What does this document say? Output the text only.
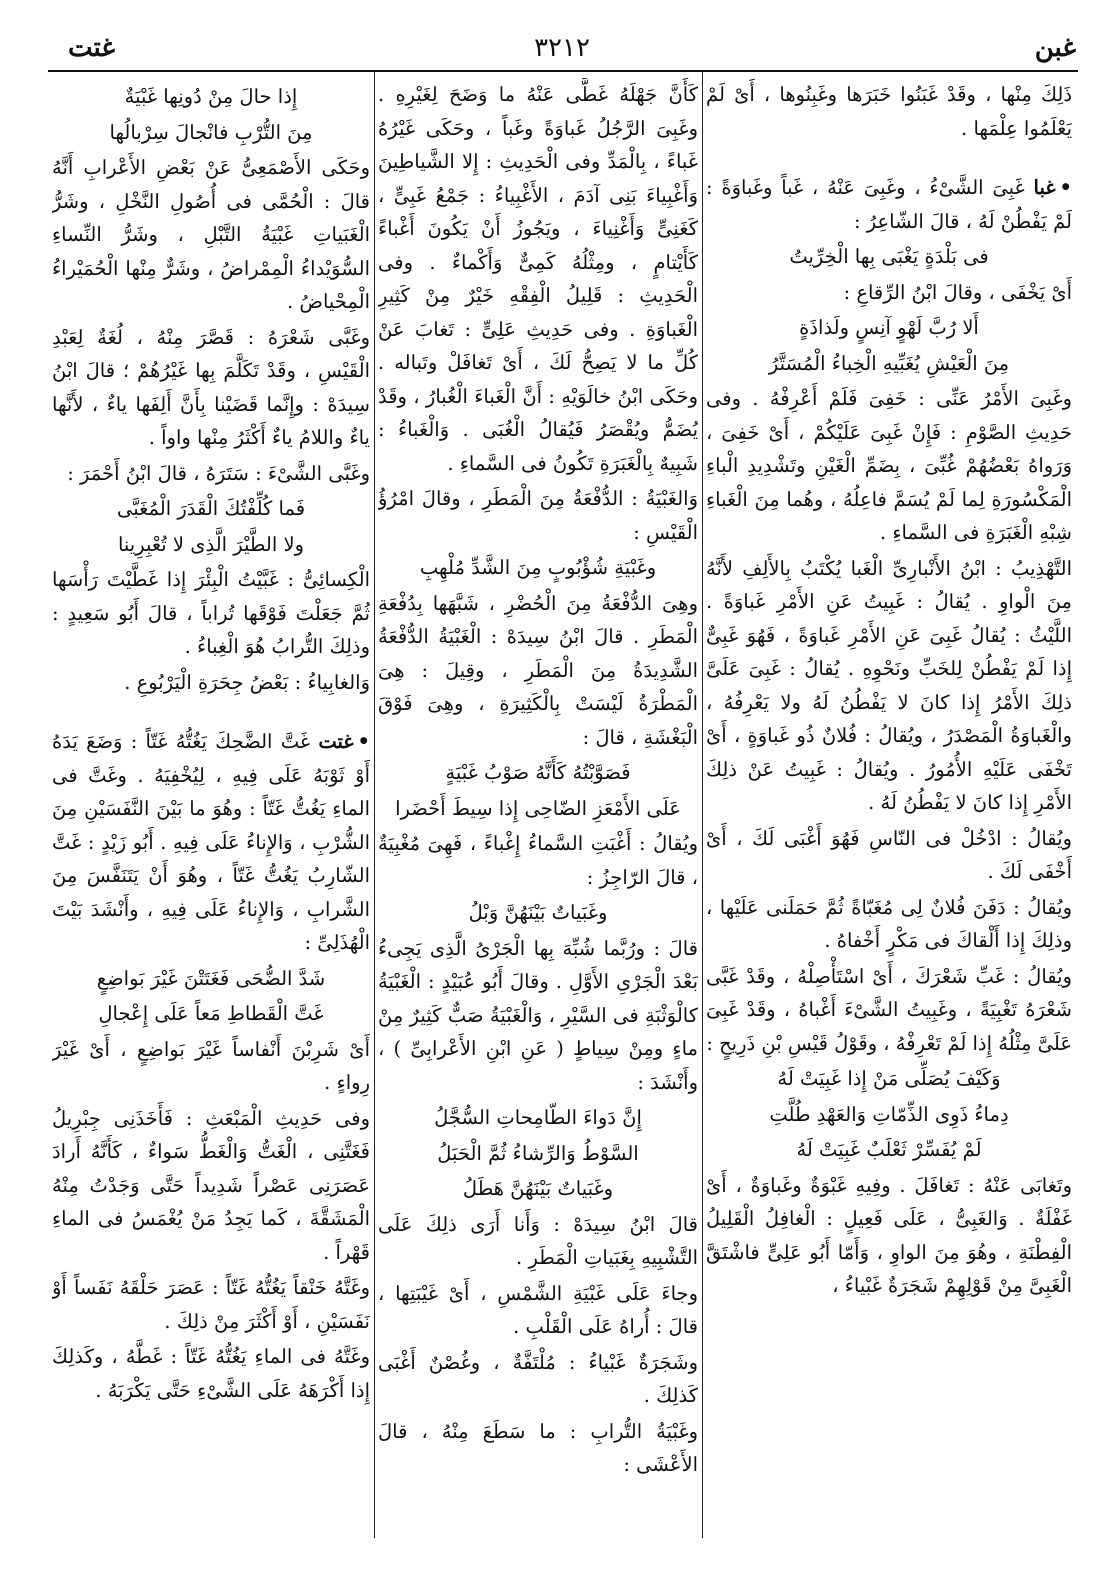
غتت	٣٢١٢	غبن

ذَلِكَ مِنْها ، وقَدْ غَبَنُوا خَبَرَها وغَبِنُوها ، أَىْ لَمْ يَعْلَمُوا عِلْمَها .

•غبا غَبِىَ الشَّىْءُ ، وغَبِىَ عَنْهُ ، غَباً وغَباوَةً : لَمْ يَفْطُنْ لَهُ ، قالَ الشّاعِرُ :

فى بَلْدَةٍ يَغْبَى بِها الْخِرِّيتُ

أَىْ يَخْفَى ، وقالَ ابْنُ الرِّقاعِ :

أَلا رُبَّ لَهْوٍ آنِسٍ ولَذاذَةٍ

مِنَ الْعَيْشِ يُغَبِّيهِ الْخِباءُ الْمُسَتَّرُ

وغَبِىَ الأَمْرُ عَنِّى : خَفِىَ فَلَمْ أَعْرِفْهُ . وفى حَدِيثِ الصَّوْمِ : فَإِنْ غَبِىَ عَلَيْكُمْ ، أَىْ خَفِىَ ، وَرَواهُ بَعْضُهُمْ غُبِّىَ ، بِضَمِّ الْغَيْنِ وتَشْدِيدِ الْباءِ الْمَكْسُورَةِ لِما لَمْ يُسَمَّ فاعِلُهُ ، وهُما مِنَ الْغَباءِ شِبْهِ الْغَبَرَةِ فى السَّماءِ .

التَّهْذِيبُ : ابْنُ الأَنْبارِىِّ الْغَبا يُكْتَبُ بِالأَلِفِ لأَنَّهُ مِنَ الْواوِ . يُقالُ : غَبِيتُ عَنِ الأَمْرِ غَباوَةً . اللَّيْثُ : يُقالُ غَبِىَ عَنِ الأَمْرِ غَباوَةً ، فَهُوَ غَبِىٌّ إِذا لَمْ يَفْطُنْ لِلخَبِّ ونَحْوِهِ . يُقالُ : غَبِىَ عَلَىَّ ذلِكَ الأَمْرُ إِذا كانَ لا يَفْطُنُ لَهُ ولا يَعْرِفُهُ ، والْغَباوَةُ الْمَصْدَرُ ، ويُقالُ : فُلانٌ ذُو غَباوَةٍ ، أَىْ تَخْفَى عَلَيْهِ الأُمُورُ . ويُقالُ : غَبِيتُ عَنْ ذلِكَ الأَمْرِ إِذا كانَ لا يَفْطُنُ لَهُ .

ويُقالُ : ادْخُلْ فى النّاسِ فَهُوَ أَغْبَى لَكَ ، أَىْ أَخْفَى لَكَ .

ويُقالُ : دَفَنَ فُلانٌ لِى مُغَبّاةً ثُمَّ حَمَلَنى عَلَيْها ، وذلِكَ إِذا أَلْقاكَ فى مَكْرٍ أَخْفاهُ .

ويُقالُ : غَبِّ شَعْرَكَ ، أَىْ اسْتَأْصِلْهُ ، وقَدْ غَبَّى شَعْرَهُ تَغْبِيَةً ، وغَبِيتُ الشَّىْءَ أَغْباهُ ، وقَدْ غَبِىَ عَلَىَّ مِثْلُهُ إِذا لَمْ تَعْرِفْهُ ، وقَوْلُ قَيْسِ بْنِ ذَرِيحٍ :

وَكَيْفَ يُصَلِّى مَنْ إِذا غَبِيَتْ لَهُ

دِماءُ ذَوِى الذِّمّاتِ وَالعَهْدِ طُلَّتِ

لَمْ يُفَسِّرْ ثَعْلَبٌ غَبِيَتْ لَهُ

وتَغابَى عَنْهُ : تَغافَلَ . وفِيهِ غَبْوَةٌ وغَباوَةٌ ، أَىْ غَفْلَةٌ . وَالغَبِىُّ ، عَلَى فَعِيلٍ : الْغافِلُ الْقَلِيلُ الْفِطْنَةِ ، وهُوَ مِنَ الواوِ ، وَأَمّا أَبُو عَلِىٍّ فاشْتَقَّ الْغَبِىَّ مِنْ قَوْلِهِمْ شَجَرَةٌ غَبْياءُ ،

كَأَنَّ جَهْلَهُ غَطَّى عَنْهُ ما وَضَحَ لِغَيْرِهِ . وغَبِىَ الرَّجُلُ غَباوَةً وغَباً ، وحَكَى غَيْرُهُ غَباءً ، بِالْمَدِّ وفى الْحَدِيثِ : إِلا الشَّياطِينَ وَأَغْبِياءَ بَنِى آدَمَ ، الأَغْبِياءُ : جَمْعُ غَبِىٍّ ، كَغَنِىٍّ وَأَغْنِياءَ ، ويَجُوزُ أَنْ يَكُونَ أَغْباءً كَأَيْتامٍ ، ومِثْلُهُ كَمِىٌّ وَأَكْماءٌ . وفى الْحَدِيثِ : قَلِيلُ الْفِقْهِ خَيْرٌ مِنْ كَثِيرِ الْغَباوَةِ . وفى حَدِيثِ عَلِىٍّ : تَغابَ عَنْ كُلِّ ما لا يَصِحُّ لَكَ ، أَىْ تَغافَلْ وتَباله . وحَكَى ابْنُ خالَوَيْهِ : أَنَّ الْغَباءَ الْغُبارُ ، وقَدْ يُضَمُّ ويُقْصَرُ فَيُقالُ الْغُبَى . وَالْغَباءُ : شَبِيهٌ بِالْغَبَرَةِ تَكُونُ فى السَّماءِ .

وَالغَبْيَةُ : الدُّفْعَةُ مِنَ الْمَطَرِ ، وقالَ امْرُؤُ الْقَيْسِ :

وغَبْيَةِ شُؤْبُوبٍ مِنَ الشَّدِّ مُلْهِبِ

وهِىَ الدُّفْعَةُ مِنَ الْحُضْرِ ، شَبَّهَها بِدُفْعَةِ الْمَطَرِ . قالَ ابْنُ سِيدَهْ : الْغَبْيَةُ الدُّفْعَةُ الشَّدِيدَةُ مِنَ الْمَطَرِ ، وقِيلَ : هِىَ الْمَطْرَةُ لَيْسَتْ بِالْكَثِيرَةِ ، وهِىَ فَوْقَ الْبَغْشَةِ ، قالَ :

فَصَوَّبْتُهُ كَأَنَّهُ صَوْبُ غَبْيَةٍ

عَلَى الأَمْعَزِ الضّاحِى إِذا سِيطَ أَحْضَرا

ويُقالُ : أَغْبَتِ السَّماءُ إِغْباءً ، فَهِىَ مُغْبِيَةٌ ، قالَ الرّاجِزُ :

وغَبَياتٌ بَيْنَهُنَّ وَبْلُ

قالَ : ورُبَّما شُبِّهَ بِها الْجَرْىُ الَّذِى يَجِىءُ بَعْدَ الْجَرْىِ الأَوَّلِ . وقالَ أَبُو عُبَيْدٍ : الْغَبْيَةُ كالْوَثْبَةِ فى السَّيْرِ ، وَالْغَبْيَةُ صَبٌّ كَثِيرٌ مِنْ ماءٍ ومِنْ سِياطٍ ( عَنِ ابْنِ الأَعْرابِىِّ ) ، وأَنْشَدَ :

إِنَّ دَواءَ الطّامِحاتِ السُّجَّلُ

السَّوْطُ وَالرِّشاءُ ثُمَّ الْحَبَلُ

وغَبَياتٌ بَيْنَهُنَّ هَطَلُ

قالَ ابْنُ سِيدَهْ : وَأَنا أَرَى ذلِكَ عَلَى التَّشْبِيهِ بِغَبَياتِ الْمَطَرِ .

وجاءَ عَلَى غَبْيَةِ الشَّمْسِ ، أَىْ غَيْبَتِها ، قالَ : أُراهُ عَلَى الْقَلْبِ .

وشَجَرَةٌ غَبْياءُ : مُلْتَفَّةٌ ، وغُصْنٌ أَغْبَى كَذلِكَ .

وغَبْيَةُ التُّرابِ : ما سَطَعَ مِنْهُ ، قالَ الأَعْشَى :

إِذا حالَ مِنْ دُونِها غَبْيَةٌ

مِنَ التُّرْبِ فانْجالَ سِرْبالُها

وحَكَى الأَصْمَعِىُّ عَنْ بَعْضِ الأَعْرابِ أَنَّهُ قالَ : الْحُمَّى فى أُصُولِ النَّخْلِ ، وشَرُّ الْغَبَياتِ غَبْيَةُ التَّبْلِ ، وشَرُّ النِّساءِ السُّوَيْداءُ الْمِمْراضُ ، وشَرٌّ مِنْها الْحُمَيْراءُ الْمِحْياضُ .

وغَبَّى شَعْرَهُ : قَصَّرَ مِنْهُ ، لُغَةٌ لِعَبْدِ الْقَيْسِ ، وقَدْ تَكَلَّمَ بِها غَيْرُهُمْ ؛ قالَ ابْنُ سِيدَهْ : وإِنَّما قَضَيْنا بِأَنَّ أَلِفَها ياءٌ ، لأَنَّها ياءٌ واللامُ ياءٌ أَكْثَرُ مِنْها واواً .

وغَبَّى الشَّىْءَ : سَتَرَهُ ، قالَ ابْنُ أَحْمَرَ :

فَما كُلِّفْتُكَ الْقَدَرَ الْمُغَبَّى

ولا الطَّيْرَ الَّذِى لا تُعْبِرِينا

الْكِسائِىُّ : غَبَّيْتُ الْبِئْرَ إِذا غَطَّيْتَ رَأْسَها ثُمَّ جَعَلْتَ فَوْقَها تُراباً ، قالَ أَبُو سَعِيدٍ : وذلِكَ التُّرابُ هُوَ الْغِباءُ .

وَالغابِياءُ : بَعْضُ جِحَرَةِ الْيَرْبُوعِ .

•غتت غَتَّ الضَّحِكَ يَغُتُّهُ غَتّاً : وَضَعَ يَدَهُ أَوْ ثَوْبَهُ عَلَى فِيهِ ، لِيُخْفِيَهُ . وغَتَّ فى الماءِ يَغُتُّ غَتّاً : وهُوَ ما بَيْنَ النَّفَسَيْنِ مِنَ الشُّرْبِ ، وَالإِناءُ عَلَى فِيهِ . أَبُو زَيْدٍ : غَتَّ الشّارِبُ يَغُتُّ غَتّاً ، وهُوَ أَنْ يَتَنَفَّسَ مِنَ الشَّرابِ ، وَالإِناءُ عَلَى فِيهِ ، وأَنْشَدَ بَيْتَ الْهُذَلِىِّ :

شَدَّ الضُّحَى فَغَتَتْنَ غَيْرَ بَواضِعٍ

غَتَّ الْقَطاطِ مَعاً عَلَى إِعْجالِ

أَىْ شَرِبْنَ أَنْفاساً غَيْرَ بَواضِعٍ ، أَىْ غَيْرَ رِواءٍ .

وفى حَدِيثِ الْمَبْعَثِ : فَأَخَذَنِى جِبْرِيلُ فَغَتَّنِى ، الْغَتُّ وَالْغَطُّ سَواءٌ ، كَأَنَّهُ أَرادَ عَصَرَنِى عَصْراً شَدِيداً حَتَّى وَجَدْتُ مِنْهُ الْمَشَقَّةَ ، كَما يَجِدُ مَنْ يُغْمَسُ فى الماءِ قَهْراً .

وغَتَّهُ خَنْقاً يَغُتُّهُ غَتّاً : عَصَرَ حَلْقَهُ نَفَساً أَوْ نَفَسَيْنِ ، أَوْ أَكْثَرَ مِنْ ذلِكَ .

وغَتَّهُ فى الماءِ يَغُتُّهُ غَتّاً : غَطَّهُ ، وكَذلِكَ إِذا أَكْرَهَهُ عَلَى الشَّىْءِ حَتَّى يَكْرَبَهُ .
